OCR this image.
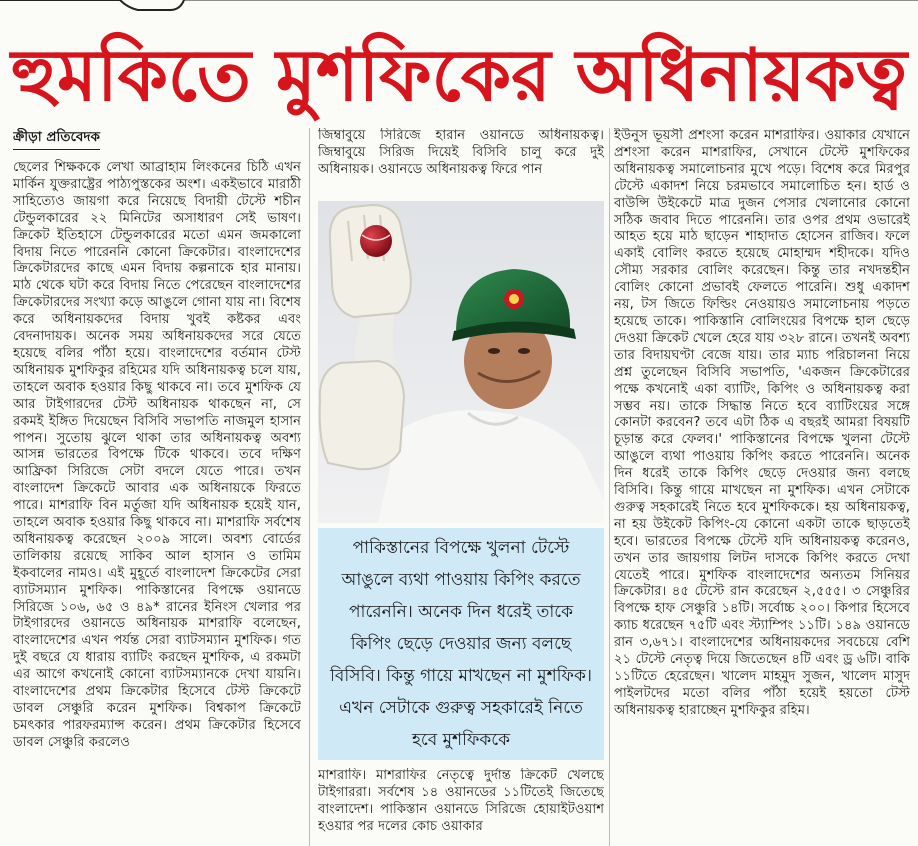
হুমকিতে মুশফিকের অধিনায়কত্ব
ক্রীড়া প্রতিবেদক

ছেলের শিক্ষককে লেখা আব্রাহাম লিংকনের চিঠি এখন মার্কিন যুক্তরাষ্ট্রের পাঠ্যপুস্তকের অংশ। একইভাবে মারাঠী সাহিত্যেও জায়গা করে নিয়েছে বিদায়ী টেস্টে শচীন টেন্ডুলকারের ২২ মিনিটের অসাধারণ সেই ভাষণ। ক্রিকেট ইতিহাসে টেন্ডুলকারের মতো এমন জমকালো বিদায় নিতে পারেননি কোনো ক্রিকেটার। বাংলাদেশের ক্রিকেটারদের কাছে এমন বিদায় কল্পনাকে হার মানায়। মাঠ থেকে ঘটা করে বিদায় নিতে পেরেছেন বাংলাদেশের ক্রিকেটারদের সংখ্যা কড়ে আঙুলে গোনা যায় না। বিশেষ করে অধিনায়কদের বিদায় খুবই কষ্টকর এবং বেদনাদায়ক। অনেক সময় অধিনায়কদের সরে যেতে হয়েছে বলির পাঁঠা হয়ে। বাংলাদেশের বর্তমান টেস্ট অধিনায়ক মুশফিকুর রহিমের যদি অধিনায়কত্ব চলে যায়, তাহলে অবাক হওয়ার কিছু থাকবে না। তবে মুশফিক যে আর টাইগারদের টেস্ট অধিনায়ক থাকছেন না, সে রকমই ইঙ্গিত দিয়েছেন বিসিবি সভাপতি নাজমুল হাসান পাপন। সুতোয় ঝুলে থাকা তার অধিনায়কত্ব অবশ্য আসন্ন ভারতের বিপক্ষে টিকে থাকবে। তবে দক্ষিণ আফ্রিকা সিরিজে সেটা বদলে যেতে পারে। তখন বাংলাদেশ ক্রিকেটে আবার এক অধিনায়কে ফিরতে পারে। মাশরাফি বিন মর্তুজা যদি অধিনায়ক হয়েই যান, তাহলে অবাক হওয়ার কিছু থাকবে না। মাশরাফি সর্বশেষ অধিনায়কত্ব করেছেন ২০০৯ সালে। অবশ্য বোর্ডের তালিকায় রয়েছে সাকিব আল হাসান ও তামিম ইকবালের নামও। এই মুহূর্তে বাংলাদেশ ক্রিকেটের সেরা ব্যাটসম্যান মুশফিক। পাকিস্তানের বিপক্ষে ওয়ানডে সিরিজে ১০৬, ৬৫ ও ৪৯* রানের ইনিংস খেলার পর টাইগারদের ওয়ানডে অধিনায়ক মাশরাফি বলেছেন, বাংলাদেশের এখন পর্যন্ত সেরা ব্যাটসম্যান মুশফিক। গত দুই বছরে যে ধারায় ব্যাটিং করছেন মুশফিক, এ রকমটা এর আগে কখনোই কোনো ব্যাটসম্যানকে দেখা যায়নি। বাংলাদেশের প্রথম ক্রিকেটার হিসেবে টেস্ট ক্রিকেটে ডাবল সেঞ্চুরি করেন মুশফিক। বিশ্বকাপ ক্রিকেটে চমৎকার পারফরম্যান্স করেন। প্রথম ক্রিকেটার হিসেবে ডাবল সেঞ্চুরি করলেও

জিম্বাবুয়ে সিরিজে হারান ওয়ানডে অধিনায়কত্ব। জিম্বাবুয়ে সিরিজ দিয়েই বিসিবি চালু করে দুই অধিনায়ক। ওয়ানডে অধিনায়কত্ব ফিরে পান

পাকিস্তানের বিপক্ষে খুলনা টেস্টে আঙুলে ব্যথা পাওয়ায় কিপিং করতে পারেননি। অনেক দিন ধরেই তাকে কিপিং ছেড়ে দেওয়ার জন্য বলছে বিসিবি। কিন্তু গায়ে মাখছেন না মুশফিক। এখন সেটাকে গুরুত্ব সহকারেই নিতে হবে মুশফিককে

মাশরাফি। মাশরাফির নেতৃত্বে দুর্দান্ত ক্রিকেট খেলছে টাইগাররা। সর্বশেষ ১৪ ওয়ানডের ১১টিতেই জিতেছে বাংলাদেশ। পাকিস্তান ওয়ানডে সিরিজে হোয়াইটওয়াশ হওয়ার পর দলের কোচ ওয়াকার

ইউনুস ভূয়সী প্রশংসা করেন মাশরাফির। ওয়াকার যেখানে প্রশংসা করেন মাশরাফির, সেখানে টেস্টে মুশফিকের অধিনায়কত্ব সমালোচনার মুখে পড়ে। বিশেষ করে মিরপুর টেস্টে একাদশ নিয়ে চরমভাবে সমালোচিত হন। হার্ড ও বাউন্সি উইকেটে মাত্র দুজন পেসার খেলানোর কোনো সঠিক জবাব দিতে পারেননি। তার ওপর প্রথম ওভারেই আহত হয়ে মাঠ ছাড়েন শাহাদাত হোসেন রাজিব। ফলে একাই বোলিং করতে হয়েছে মোহাম্মদ শহীদকে। যদিও সৌম্য সরকার বোলিং করেছেন। কিন্তু তার নখদন্তহীন বোলিং কোনো প্রভাবই ফেলতে পারেনি। শুধু একাদশ নয়, টস জিতে ফিল্ডিং নেওয়ায়ও সমালোচনায় পড়তে হয়েছে তাকে। পাকিস্তানি বোলিংয়ের বিপক্ষে হাল ছেড়ে দেওয়া ক্রিকেট খেলে হেরে যায় ৩২৮ রানে। তখনই অবশ্য তার বিদায়ঘণ্টা বেজে যায়। তার ম্যাচ পরিচালনা নিয়ে প্রশ্ন তুলেছেন বিসিবি সভাপতি, 'একজন ক্রিকেটারের পক্ষে কখনোই একা ব্যাটিং, কিপিং ও অধিনায়কত্ব করা সম্ভব নয়। তাকে সিদ্ধান্ত নিতে হবে ব্যাটিংয়ের সঙ্গে কোনটা করবেন? তবে এটা ঠিক এ বছরই আমরা বিষয়টি চূড়ান্ত করে ফেলব।' পাকিস্তানের বিপক্ষে খুলনা টেস্টে আঙুলে ব্যথা পাওয়ায় কিপিং করতে পারেননি। অনেক দিন ধরেই তাকে কিপিং ছেড়ে দেওয়ার জন্য বলছে বিসিবি। কিন্তু গায়ে মাখছেন না মুশফিক। এখন সেটাকে গুরুত্ব সহকারেই নিতে হবে মুশফিককে। হয় অধিনায়কত্ব, না হয় উইকেট কিপিং-যে কোনো একটা তাকে ছাড়তেই হবে। ভারতের বিপক্ষে টেস্টে যদি অধিনায়কত্ব করেনও, তখন তার জায়গায় লিটন দাসকে কিপিং করতে দেখা যেতেই পারে। মুশফিক বাংলাদেশের অন্যতম সিনিয়র ক্রিকেটার। ৪৫ টেস্টে রান করেছেন ২,৫৫৫। ৩ সেঞ্চুরির বিপক্ষে হাফ সেঞ্চুরি ১৪টি। সর্বোচ্চ ২০০। কিপার হিসেবে ক্যাচ ধরেছেন ৭৫টি এবং স্ট্যাম্পিং ১১টি। ১৪৯ ওয়ানডে রান ৩,৬৭১। বাংলাদেশের অধিনায়কদের সবচেয়ে বেশি ২১ টেস্টে নেতৃত্ব দিয়ে জিতেছেন ৪টি এবং ড্র ৬টি। বাকি ১১টিতে হেরেছেন। খালেদ মাহমুদ সুজন, খালেদ মাসুদ পাইলটদের মতো বলির পাঁঠা হয়েই হয়তো টেস্ট অধিনায়কত্ব হারাচ্ছেন মুশফিকুর রহিম।
